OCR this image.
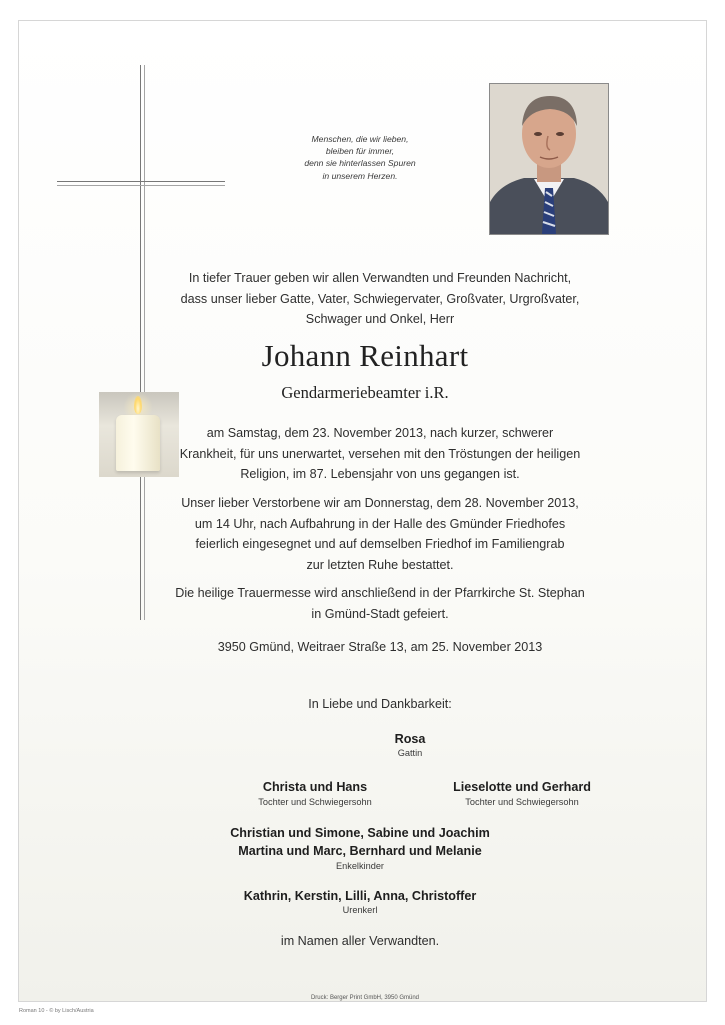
Menschen, die wir lieben,
bleiben für immer,
denn sie hinterlassen Spuren
in unserem Herzen.
In tiefer Trauer geben wir allen Verwandten und Freunden Nachricht,
dass unser lieber Gatte, Vater, Schwiegervater, Großvater, Urgroßvater,
Schwager und Onkel, Herr
Johann Reinhart
Gendarmeriebeamter i.R.
am Samstag, dem 23. November 2013, nach kurzer, schwerer
Krankheit, für uns unerwartet, versehen mit den Tröstungen der heiligen
Religion, im 87. Lebensjahr von uns gegangen ist.
Unser lieber Verstorbene wir am Donnerstag, dem 28. November 2013,
um 14 Uhr, nach Aufbahrung in der Halle des Gmünder Friedhofes
feierlich eingesegnet und auf demselben Friedhof im Familiengrab
zur letzten Ruhe bestattet.
Die heilige Trauermesse wird anschließend in der Pfarrkirche St. Stephan
in Gmünd-Stadt gefeiert.
3950 Gmünd, Weitraer Straße 13, am 25. November 2013
In Liebe und Dankbarkeit:
Rosa
Gattin
Christa und Hans
Tochter und Schwiegersohn
Lieselotte und Gerhard
Tochter und Schwiegersohn
Christian und Simone, Sabine und Joachim
Martina und Marc, Bernhard und Melanie
Enkelkinder
Kathrin, Kerstin, Lilli, Anna, Christoffer
Urenkerl
im Namen aller Verwandten.
Druck: Berger Print GmbH, 3950 Gmünd
Roman 10 - © by Lisch/Austria
